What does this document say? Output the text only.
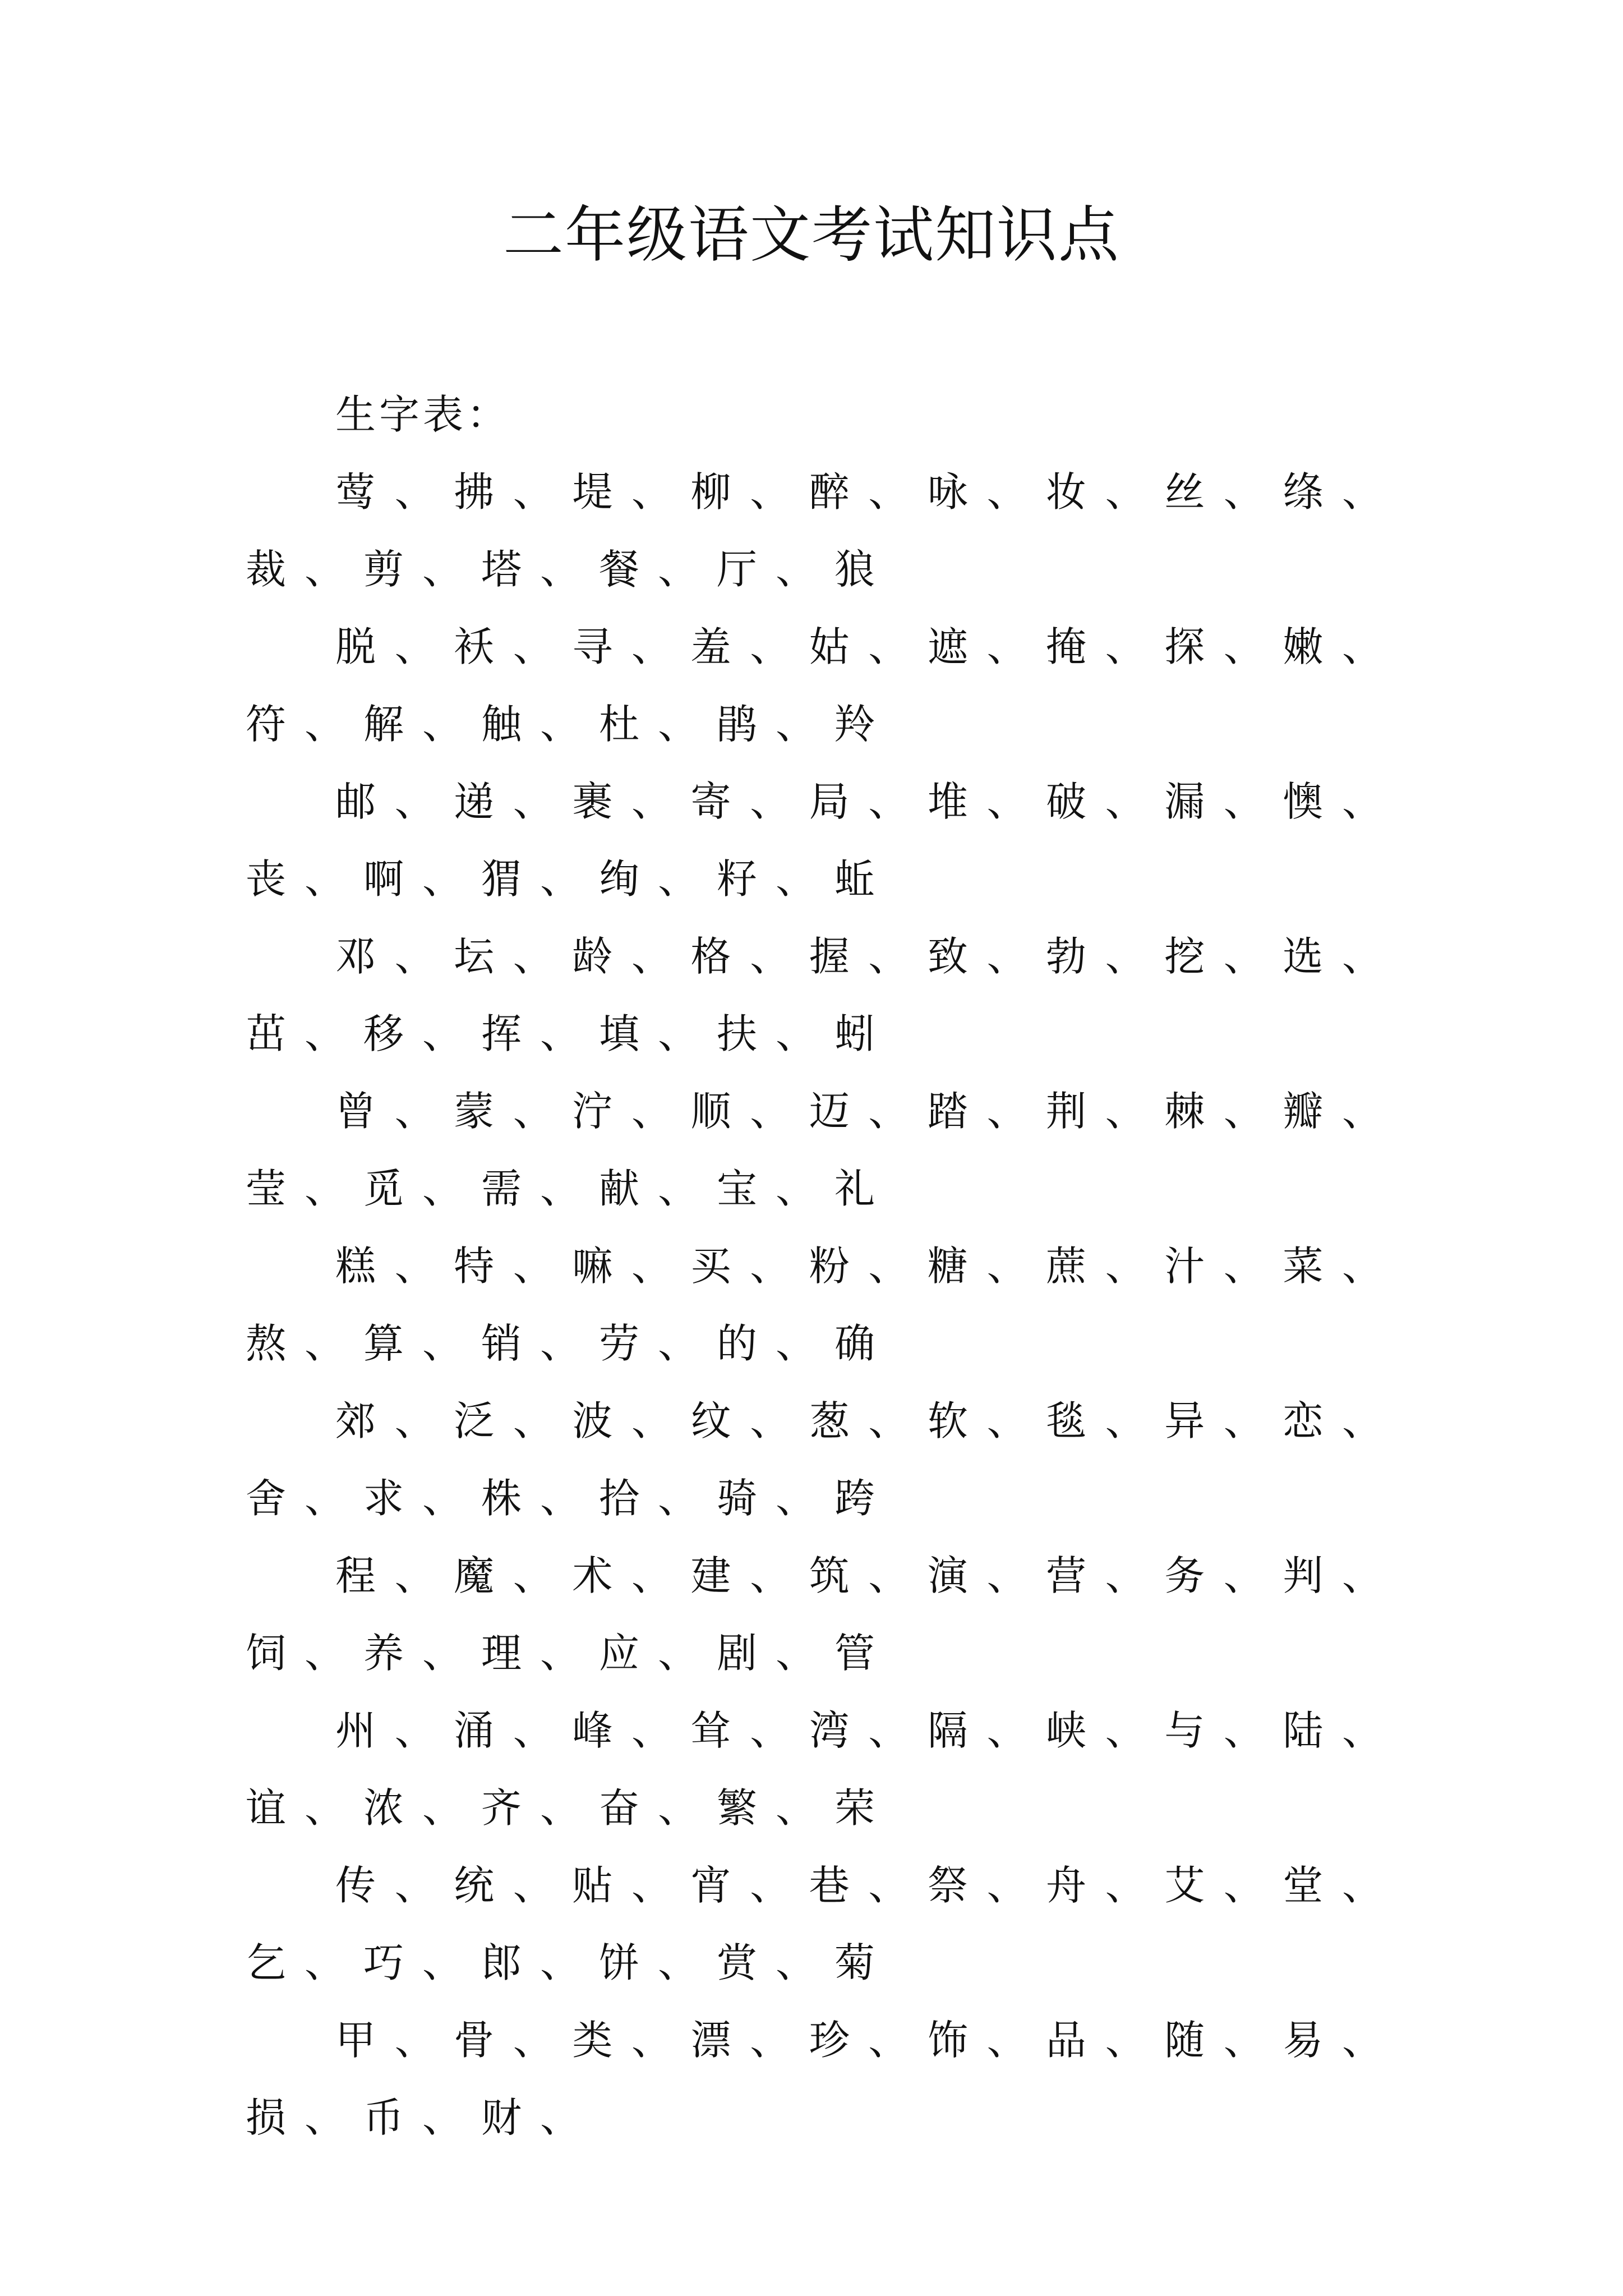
二年级语文考试知识点

生字表：

莺、拂、堤、柳、醉、咏、妆、丝、绦、裁、剪、塔、餐、厅、狼

脱、袄、寻、羞、姑、遮、掩、探、嫩、符、解、触、杜、鹃、羚

邮、递、裹、寄、局、堆、破、漏、懊、丧、啊、猬、绚、籽、蚯

邓、坛、龄、格、握、致、勃、挖、选、茁、移、挥、填、扶、蚓

曾、蒙、泞、顺、迈、踏、荆、棘、瓣、莹、觅、需、献、宝、礼

糕、特、嘛、买、粉、糖、蔗、汁、菜、熬、算、销、劳、的、确

郊、泛、波、纹、葱、软、毯、异、恋、舍、求、株、拾、骑、跨

程、魔、术、建、筑、演、营、务、判、饲、养、理、应、剧、管

州、涌、峰、耸、湾、隔、峡、与、陆、谊、浓、齐、奋、繁、荣

传、统、贴、宵、巷、祭、舟、艾、堂、乞、巧、郎、饼、赏、菊

甲、骨、类、漂、珍、饰、品、随、易、损、币、财、
